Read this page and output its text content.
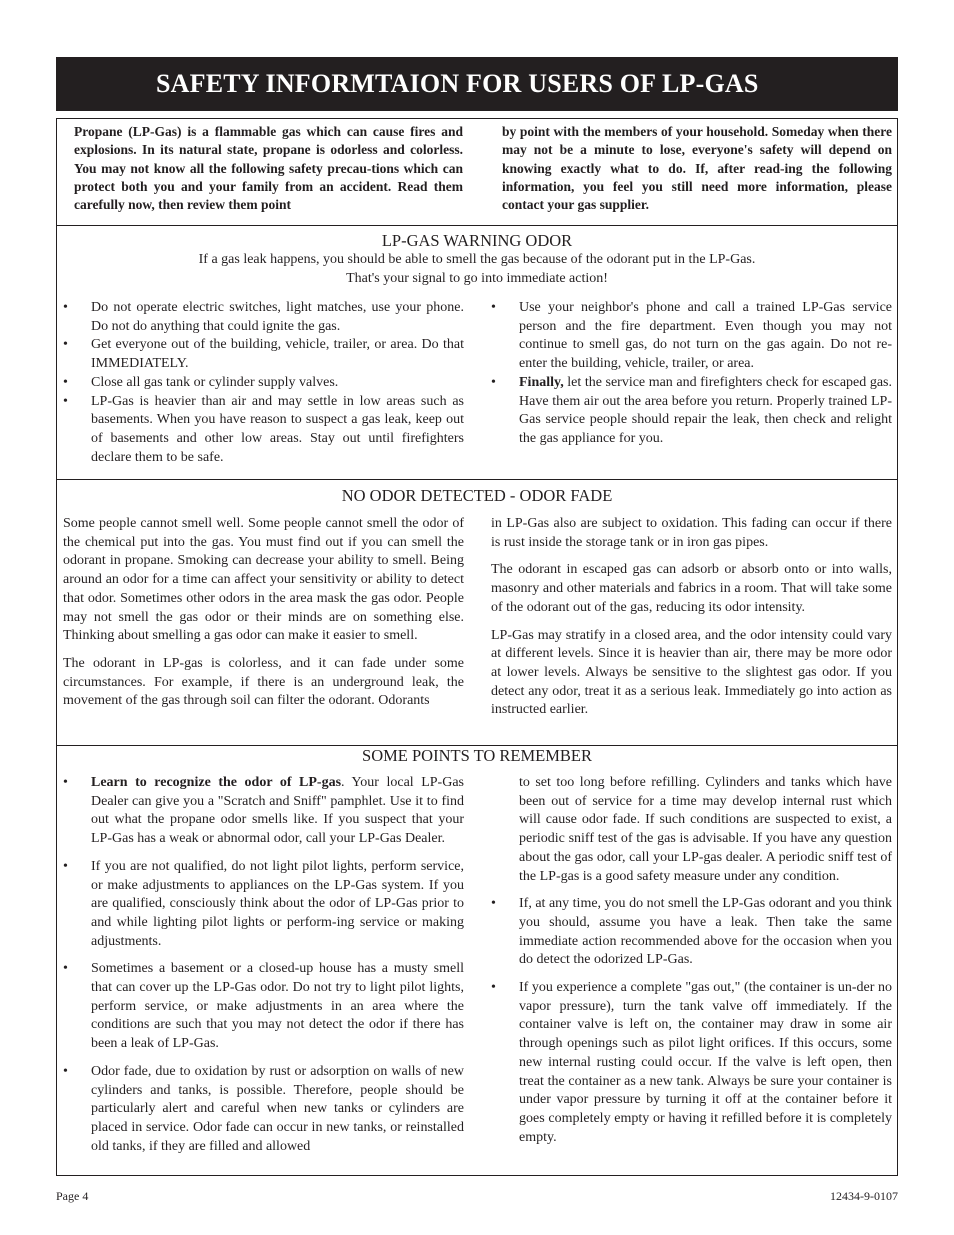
SAFETY INFORMTAION FOR USERS OF LP-GAS
Propane (LP-Gas) is a flammable gas which can cause fires and explosions. In its natural state, propane is odorless and colorless. You may not know all the following safety precau-tions which can protect both you and your family from an accident. Read them carefully now, then review them point
by point with the members of your household. Someday when there may not be a minute to lose, everyone's safety will depend on knowing exactly what to do. If, after read-ing the following information, you feel you still need more information, please contact your gas supplier.
LP-GAS WARNING ODOR
If a gas leak happens, you should be able to smell the gas because of the odorant put in the LP-Gas.
That's your signal to go into immediate action!
• Do not operate electric switches, light matches, use your phone. Do not do anything that could ignite the gas.
• Get everyone out of the building, vehicle, trailer, or area. Do that IMMEDIATELY.
• Close all gas tank or cylinder supply valves.
• LP-Gas is heavier than air and may settle in low areas such as basements. When you have reason to suspect a gas leak, keep out of basements and other low areas. Stay out until firefighters declare them to be safe.
• Use your neighbor's phone and call a trained LP-Gas service person and the fire department. Even though you may not continue to smell gas, do not turn on the gas again. Do not re-enter the building, vehicle, trailer, or area.
• Finally, let the service man and firefighters check for escaped gas. Have them air out the area before you return. Properly trained LP-Gas service people should repair the leak, then check and relight the gas appliance for you.
NO ODOR DETECTED - ODOR FADE

Some people cannot smell well. Some people cannot smell the odor of the chemical put into the gas. You must find out if you can smell the odorant in propane. Smoking can decrease your ability to smell. Being around an odor for a time can affect your sensitivity or ability to detect that odor. Sometimes other odors in the area mask the gas odor. People may not smell the gas odor or their minds are on something else. Thinking about smelling a gas odor can make it easier to smell.

The odorant in LP-gas is colorless, and it can fade under some circumstances. For example, if there is an underground leak, the movement of the gas through soil can filter the odorant. Odorants

in LP-Gas also are subject to oxidation. This fading can occur if there is rust inside the storage tank or in iron gas pipes.

The odorant in escaped gas can adsorb or absorb onto or into walls, masonry and other materials and fabrics in a room. That will take some of the odorant out of the gas, reducing its odor intensity.

LP-Gas may stratify in a closed area, and the odor intensity could vary at different levels. Since it is heavier than air, there may be more odor at lower levels. Always be sensitive to the slightest gas odor. If you detect any odor, treat it as a serious leak. Immediately go into action as instructed earlier.

SOME POINTS TO REMEMBER
• Learn to recognize the odor of LP-gas. Your local LP-Gas Dealer can give you a "Scratch and Sniff" pamphlet. Use it to find out what the propane odor smells like. If you suspect that your LP-Gas has a weak or abnormal odor, call your LP-Gas Dealer.
• If you are not qualified, do not light pilot lights, perform service, or make adjustments to appliances on the LP-Gas system. If you are qualified, consciously think about the odor of LP-Gas prior to and while lighting pilot lights or perform-ing service or making adjustments.
• Sometimes a basement or a closed-up house has a musty smell that can cover up the LP-Gas odor. Do not try to light pilot lights, perform service, or make adjustments in an area where the conditions are such that you may not detect the odor if there has been a leak of LP-Gas.
• Odor fade, due to oxidation by rust or adsorption on walls of new cylinders and tanks, is possible. Therefore, people should be particularly alert and careful when new tanks or cylinders are placed in service. Odor fade can occur in new tanks, or reinstalled old tanks, if they are filled and allowed

to set too long before refilling. Cylinders and tanks which have been out of service for a time may develop internal rust which will cause odor fade. If such conditions are suspected to exist, a periodic sniff test of the gas is advisable. If you have any question about the gas odor, call your LP-gas dealer. A periodic sniff test of the LP-gas is a good safety measure under any condition.

• If, at any time, you do not smell the LP-Gas odorant and you think you should, assume you have a leak. Then take the same immediate action recommended above for the occasion when you do detect the odorized LP-Gas.
• If you experience a complete "gas out," (the container is un-der no vapor pressure), turn the tank valve off immediately. If the container valve is left on, the container may draw in some air through openings such as pilot light orifices. If this occurs, some new internal rusting could occur. If the valve is left open, then treat the container as a new tank. Always be sure your container is under vapor pressure by turning it off at the container before it goes completely empty or having it refilled before it is completely empty.
Page 4	12434-9-0107
